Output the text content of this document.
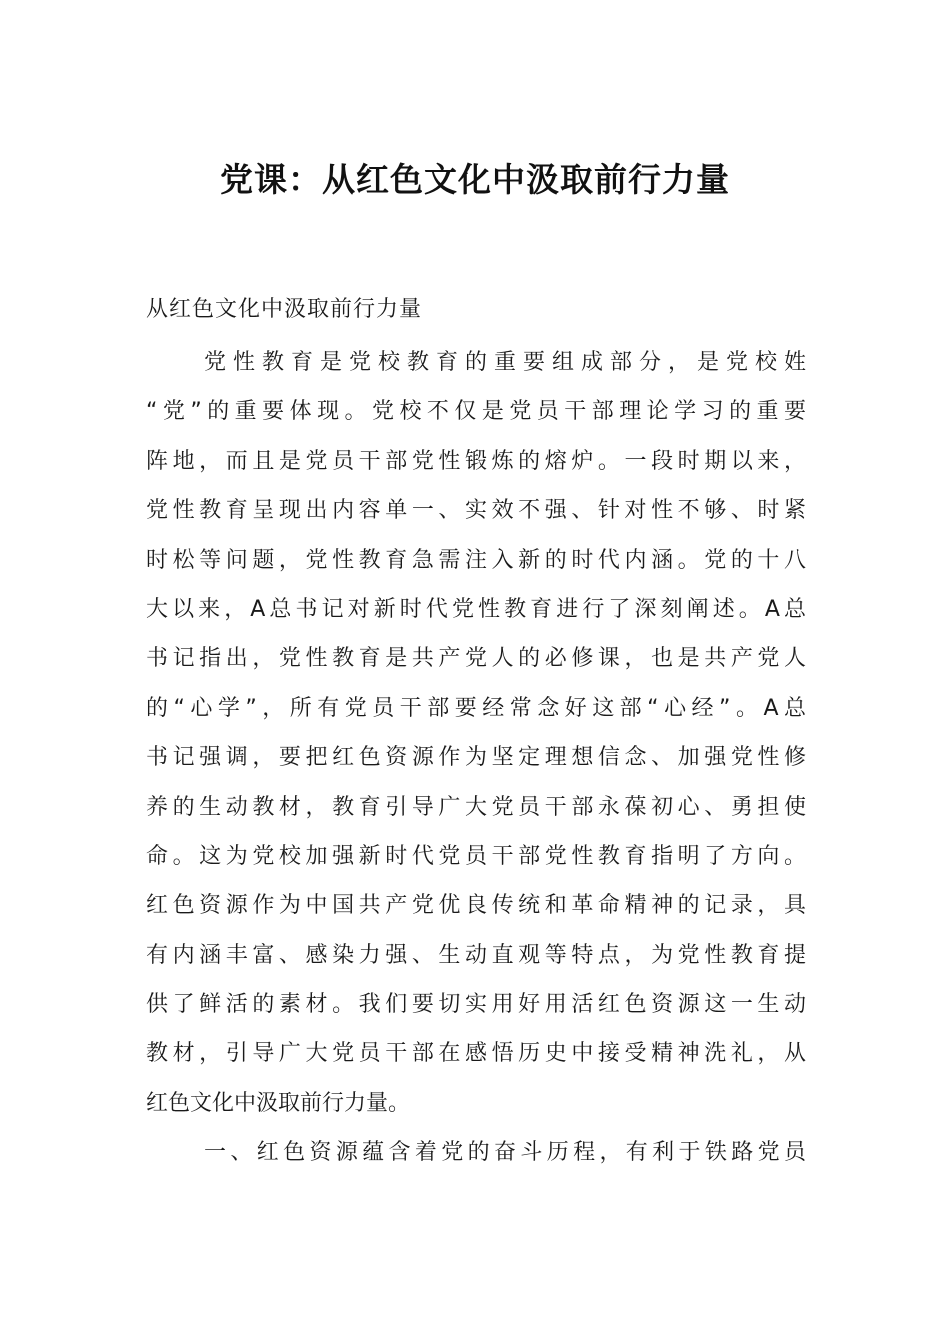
党课：从红色文化中汲取前行力量

从红色文化中汲取前行力量

党性教育是党校教育的重要组成部分，是党校姓
“党”的重要体现。党校不仅是党员干部理论学习的重要
阵地，而且是党员干部党性锻炼的熔炉。一段时期以来，
党性教育呈现出内容单一、实效不强、针对性不够、时紧
时松等问题，党性教育急需注入新的时代内涵。党的十八
大以来，A总书记对新时代党性教育进行了深刻阐述。A总
书记指出，党性教育是共产党人的必修课，也是共产党人
的“心学”，所有党员干部要经常念好这部“心经”。A总
书记强调，要把红色资源作为坚定理想信念、加强党性修
养的生动教材，教育引导广大党员干部永葆初心、勇担使
命。这为党校加强新时代党员干部党性教育指明了方向。
红色资源作为中国共产党优良传统和革命精神的记录，具
有内涵丰富、感染力强、生动直观等特点，为党性教育提
供了鲜活的素材。我们要切实用好用活红色资源这一生动
教材，引导广大党员干部在感悟历史中接受精神洗礼，从
红色文化中汲取前行力量。
一、红色资源蕴含着党的奋斗历程，有利于铁路党员
